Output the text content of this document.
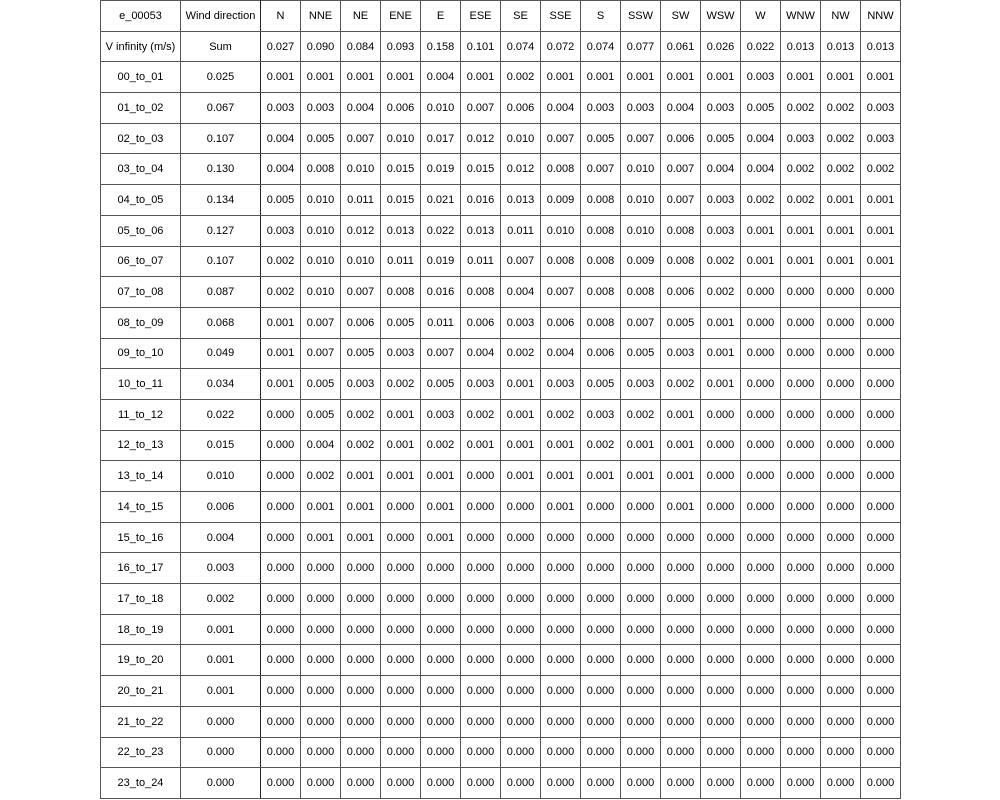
e_00053	Wind direction	N	NNE	NE	ENE	E	ESE	SE	SSE	S	SSW	SW	WSW	W	WNW	NW	NNW
V infinity (m/s)	Sum	0.027	0.090	0.084	0.093	0.158	0.101	0.074	0.072	0.074	0.077	0.061	0.026	0.022	0.013	0.013	0.013
00_to_01	0.025	0.001	0.001	0.001	0.001	0.004	0.001	0.002	0.001	0.001	0.001	0.001	0.001	0.003	0.001	0.001	0.001
01_to_02	0.067	0.003	0.003	0.004	0.006	0.010	0.007	0.006	0.004	0.003	0.003	0.004	0.003	0.005	0.002	0.002	0.003
02_to_03	0.107	0.004	0.005	0.007	0.010	0.017	0.012	0.010	0.007	0.005	0.007	0.006	0.005	0.004	0.003	0.002	0.003
03_to_04	0.130	0.004	0.008	0.010	0.015	0.019	0.015	0.012	0.008	0.007	0.010	0.007	0.004	0.004	0.002	0.002	0.002
04_to_05	0.134	0.005	0.010	0.011	0.015	0.021	0.016	0.013	0.009	0.008	0.010	0.007	0.003	0.002	0.002	0.001	0.001
05_to_06	0.127	0.003	0.010	0.012	0.013	0.022	0.013	0.011	0.010	0.008	0.010	0.008	0.003	0.001	0.001	0.001	0.001
06_to_07	0.107	0.002	0.010	0.010	0.011	0.019	0.011	0.007	0.008	0.008	0.009	0.008	0.002	0.001	0.001	0.001	0.001
07_to_08	0.087	0.002	0.010	0.007	0.008	0.016	0.008	0.004	0.007	0.008	0.008	0.006	0.002	0.000	0.000	0.000	0.000
08_to_09	0.068	0.001	0.007	0.006	0.005	0.011	0.006	0.003	0.006	0.008	0.007	0.005	0.001	0.000	0.000	0.000	0.000
09_to_10	0.049	0.001	0.007	0.005	0.003	0.007	0.004	0.002	0.004	0.006	0.005	0.003	0.001	0.000	0.000	0.000	0.000
10_to_11	0.034	0.001	0.005	0.003	0.002	0.005	0.003	0.001	0.003	0.005	0.003	0.002	0.001	0.000	0.000	0.000	0.000
11_to_12	0.022	0.000	0.005	0.002	0.001	0.003	0.002	0.001	0.002	0.003	0.002	0.001	0.000	0.000	0.000	0.000	0.000
12_to_13	0.015	0.000	0.004	0.002	0.001	0.002	0.001	0.001	0.001	0.002	0.001	0.001	0.000	0.000	0.000	0.000	0.000
13_to_14	0.010	0.000	0.002	0.001	0.001	0.001	0.000	0.001	0.001	0.001	0.001	0.001	0.000	0.000	0.000	0.000	0.000
14_to_15	0.006	0.000	0.001	0.001	0.000	0.001	0.000	0.000	0.001	0.000	0.000	0.001	0.000	0.000	0.000	0.000	0.000
15_to_16	0.004	0.000	0.001	0.001	0.000	0.001	0.000	0.000	0.000	0.000	0.000	0.000	0.000	0.000	0.000	0.000	0.000
16_to_17	0.003	0.000	0.000	0.000	0.000	0.000	0.000	0.000	0.000	0.000	0.000	0.000	0.000	0.000	0.000	0.000	0.000
17_to_18	0.002	0.000	0.000	0.000	0.000	0.000	0.000	0.000	0.000	0.000	0.000	0.000	0.000	0.000	0.000	0.000	0.000
18_to_19	0.001	0.000	0.000	0.000	0.000	0.000	0.000	0.000	0.000	0.000	0.000	0.000	0.000	0.000	0.000	0.000	0.000
19_to_20	0.001	0.000	0.000	0.000	0.000	0.000	0.000	0.000	0.000	0.000	0.000	0.000	0.000	0.000	0.000	0.000	0.000
20_to_21	0.001	0.000	0.000	0.000	0.000	0.000	0.000	0.000	0.000	0.000	0.000	0.000	0.000	0.000	0.000	0.000	0.000
21_to_22	0.000	0.000	0.000	0.000	0.000	0.000	0.000	0.000	0.000	0.000	0.000	0.000	0.000	0.000	0.000	0.000	0.000
22_to_23	0.000	0.000	0.000	0.000	0.000	0.000	0.000	0.000	0.000	0.000	0.000	0.000	0.000	0.000	0.000	0.000	0.000
23_to_24	0.000	0.000	0.000	0.000	0.000	0.000	0.000	0.000	0.000	0.000	0.000	0.000	0.000	0.000	0.000	0.000	0.000
